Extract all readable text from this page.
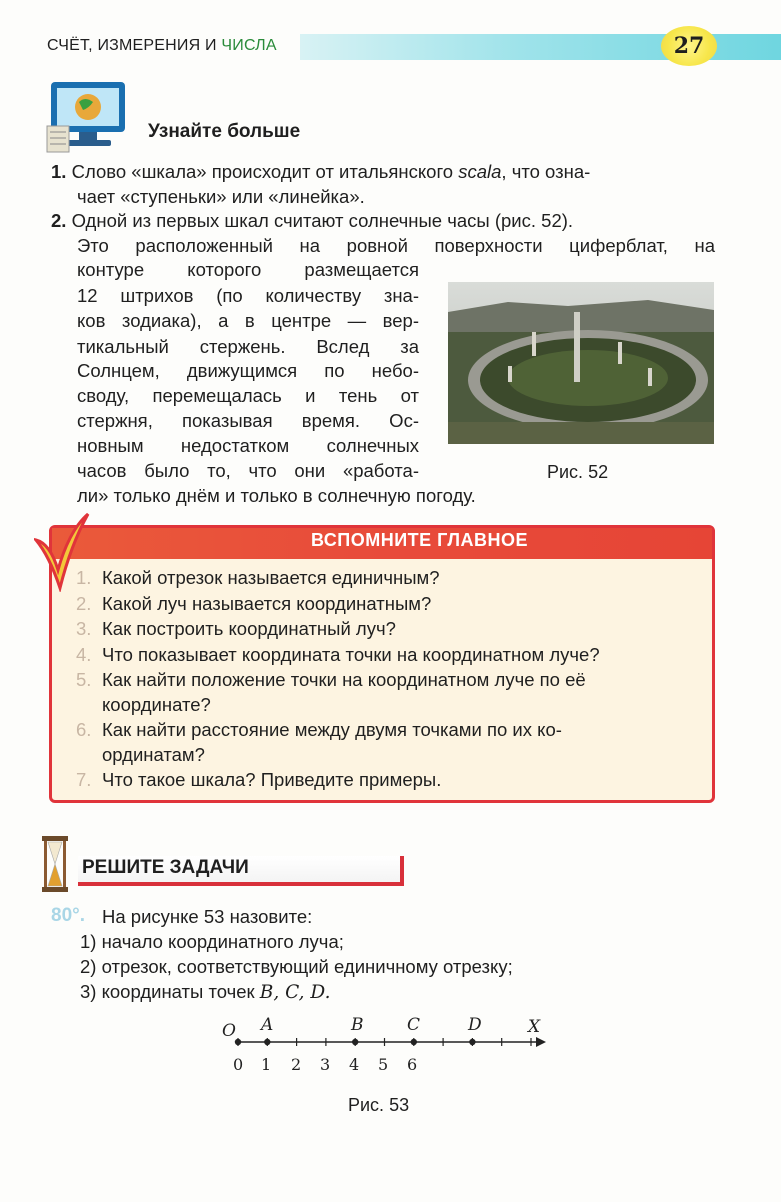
СЧЁТ, ИЗМЕРЕНИЯ И ЧИСЛА	27
Узнайте больше
1. Слово «шкала» происходит от итальянского scala, что озна-
чает «ступеньки» или «линейка».
2. Одной из первых шкал считают солнечные часы (рис. 52).
Это расположенный на ровной поверхности циферблат, на
контуре которого размещается
12 штрихов (по количеству зна-
ков зодиака), а в центре — вер-
тикальный стержень. Вслед за
Солнцем, движущимся по небо-
своду, перемещалась и тень от
стержня, показывая время. Ос-
новным недостатком солнечных
часов было то, что они «работа-
ли» только днём и только в солнечную погоду.
Рис. 52
ВСПОМНИТЕ ГЛАВНОЕ
1. Какой отрезок называется единичным?
2. Какой луч называется координатным?
3. Как построить координатный луч?
4. Что показывает координата точки на координатном луче?
5. Как найти положение точки на координатном луче по её
координате?
6. Как найти расстояние между двумя точками по их ко-
ординатам?
7. Что такое шкала? Приведите примеры.
РЕШИТЕ ЗАДАЧИ
80°. На рисунке 53 назовите:
1) начало координатного луча;
2) отрезок, соответствующий единичному отрезку;
3) координаты точек B, C, D.
O A	B	C	D	X
0 1 2 3 4 5 6
Рис. 53
